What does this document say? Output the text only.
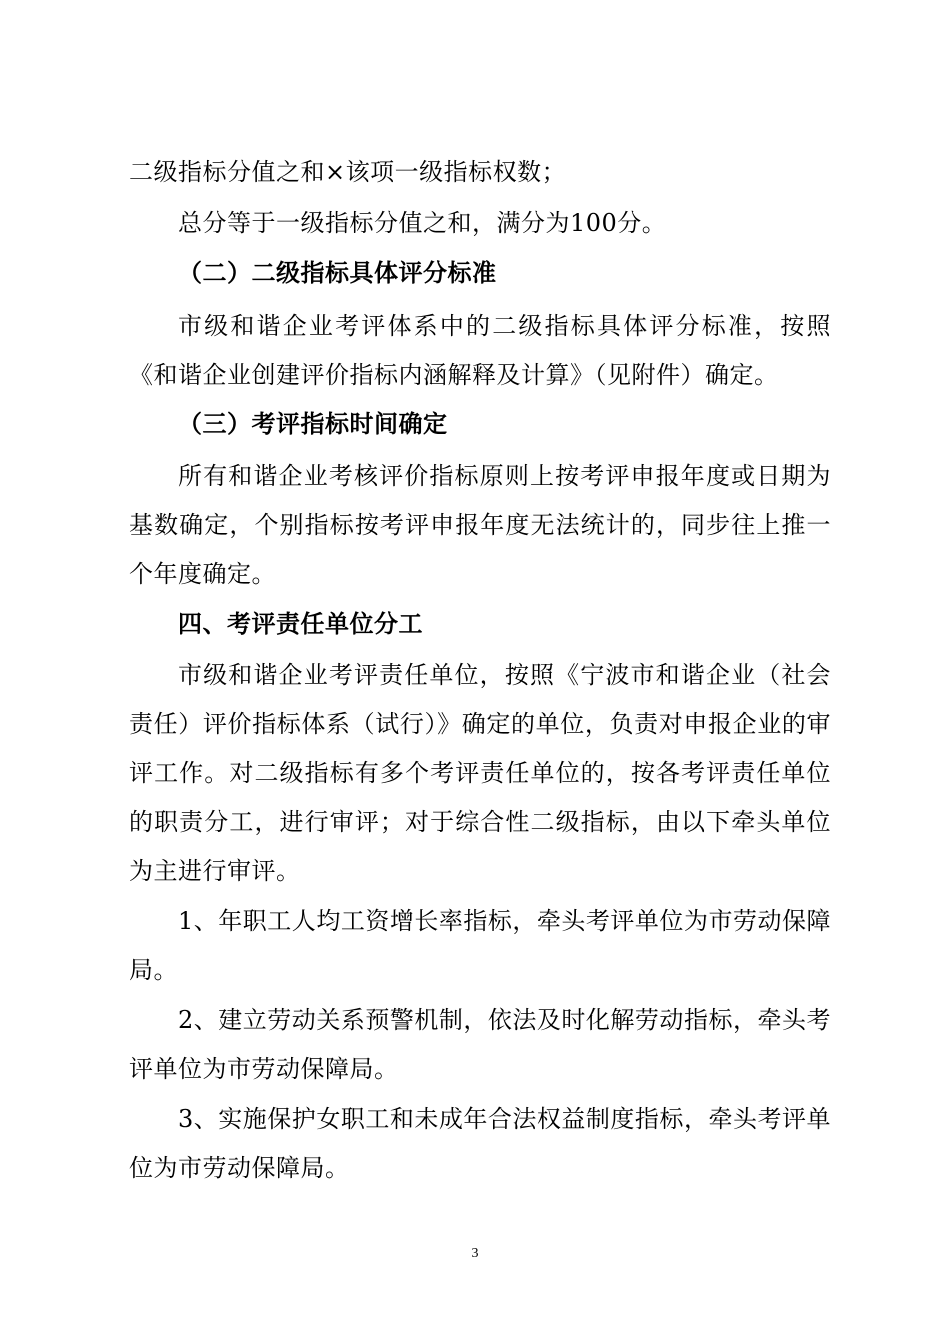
二级指标分值之和×该项一级指标权数；

总分等于一级指标分值之和，满分为100分。

（二）二级指标具体评分标准

市级和谐企业考评体系中的二级指标具体评分标准，按照《和谐企业创建评价指标内涵解释及计算》（见附件）确定。

（三）考评指标时间确定

所有和谐企业考核评价指标原则上按考评申报年度或日期为基数确定，个别指标按考评申报年度无法统计的，同步往上推一个年度确定。

四、考评责任单位分工

市级和谐企业考评责任单位，按照《宁波市和谐企业（社会责任）评价指标体系（试行）》确定的单位，负责对申报企业的审评工作。对二级指标有多个考评责任单位的，按各考评责任单位的职责分工，进行审评；对于综合性二级指标，由以下牵头单位为主进行审评。

1、年职工人均工资增长率指标，牵头考评单位为市劳动保障局。

2、建立劳动关系预警机制，依法及时化解劳动指标，牵头考评单位为市劳动保障局。

3、实施保护女职工和未成年合法权益制度指标，牵头考评单位为市劳动保障局。

3
